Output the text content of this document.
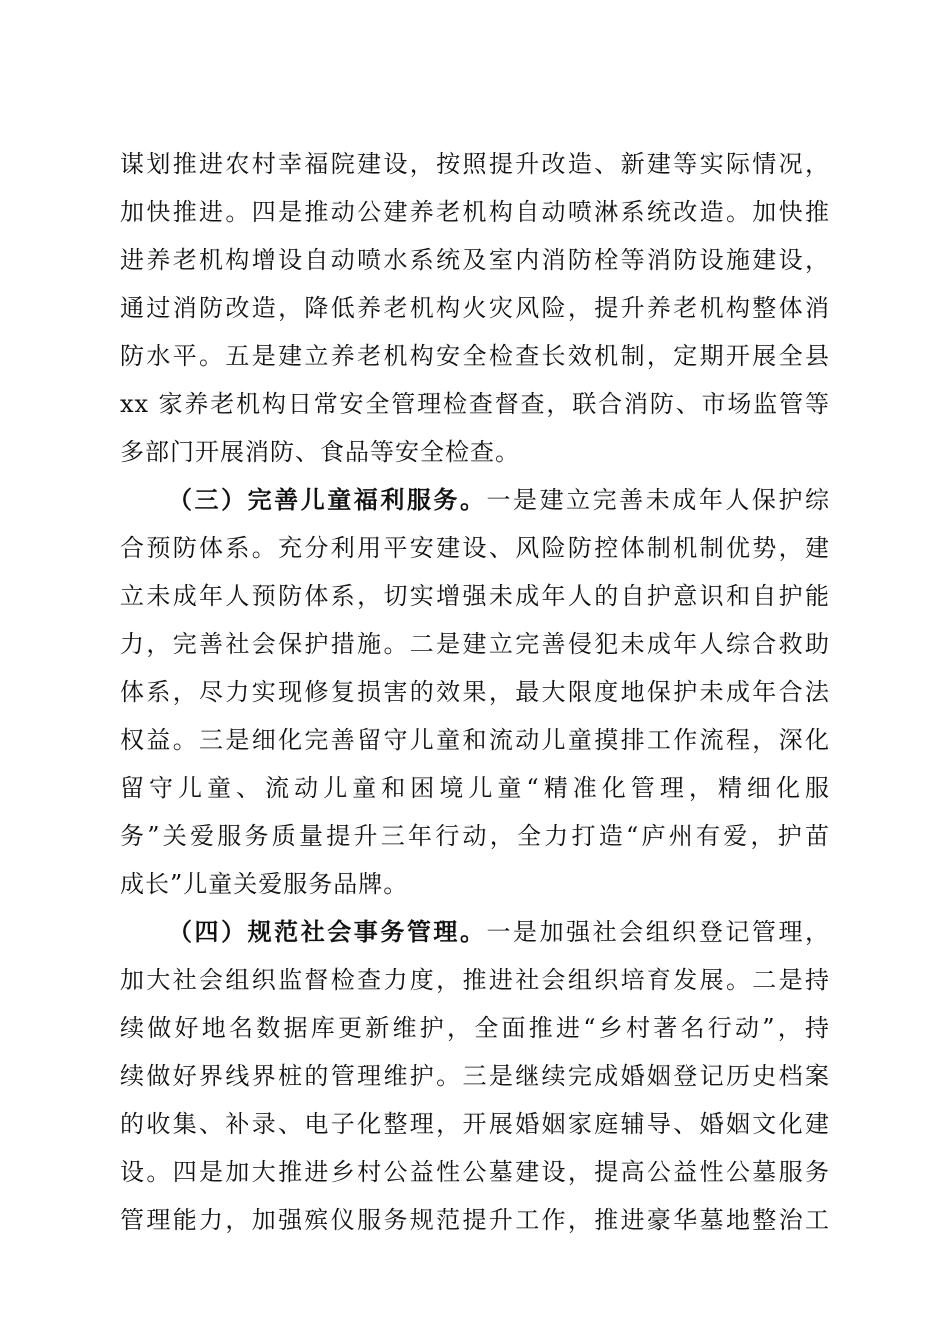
谋划推进农村幸福院建设，按照提升改造、新建等实际情况，
加快推进。四是推动公建养老机构自动喷淋系统改造。加快推
进养老机构增设自动喷水系统及室内消防栓等消防设施建设，
通过消防改造，降低养老机构火灾风险，提升养老机构整体消
防水平。五是建立养老机构安全检查长效机制，定期开展全县
xx 家养老机构日常安全管理检查督查，联合消防、市场监管等
多部门开展消防、食品等安全检查。
（三）完善儿童福利服务。一是建立完善未成年人保护综
合预防体系。充分利用平安建设、风险防控体制机制优势，建
立未成年人预防体系，切实增强未成年人的自护意识和自护能
力，完善社会保护措施。二是建立完善侵犯未成年人综合救助
体系，尽力实现修复损害的效果，最大限度地保护未成年合法
权益。三是细化完善留守儿童和流动儿童摸排工作流程，深化
留守儿童、流动儿童和困境儿童“精准化管理，精细化服
务”关爱服务质量提升三年行动，全力打造“庐州有爱，护苗
成长”儿童关爱服务品牌。
（四）规范社会事务管理。一是加强社会组织登记管理，
加大社会组织监督检查力度，推进社会组织培育发展。二是持
续做好地名数据库更新维护，全面推进“乡村著名行动”，持
续做好界线界桩的管理维护。三是继续完成婚姻登记历史档案
的收集、补录、电子化整理，开展婚姻家庭辅导、婚姻文化建
设。四是加大推进乡村公益性公墓建设，提高公益性公墓服务
管理能力，加强殡仪服务规范提升工作，推进豪华墓地整治工
